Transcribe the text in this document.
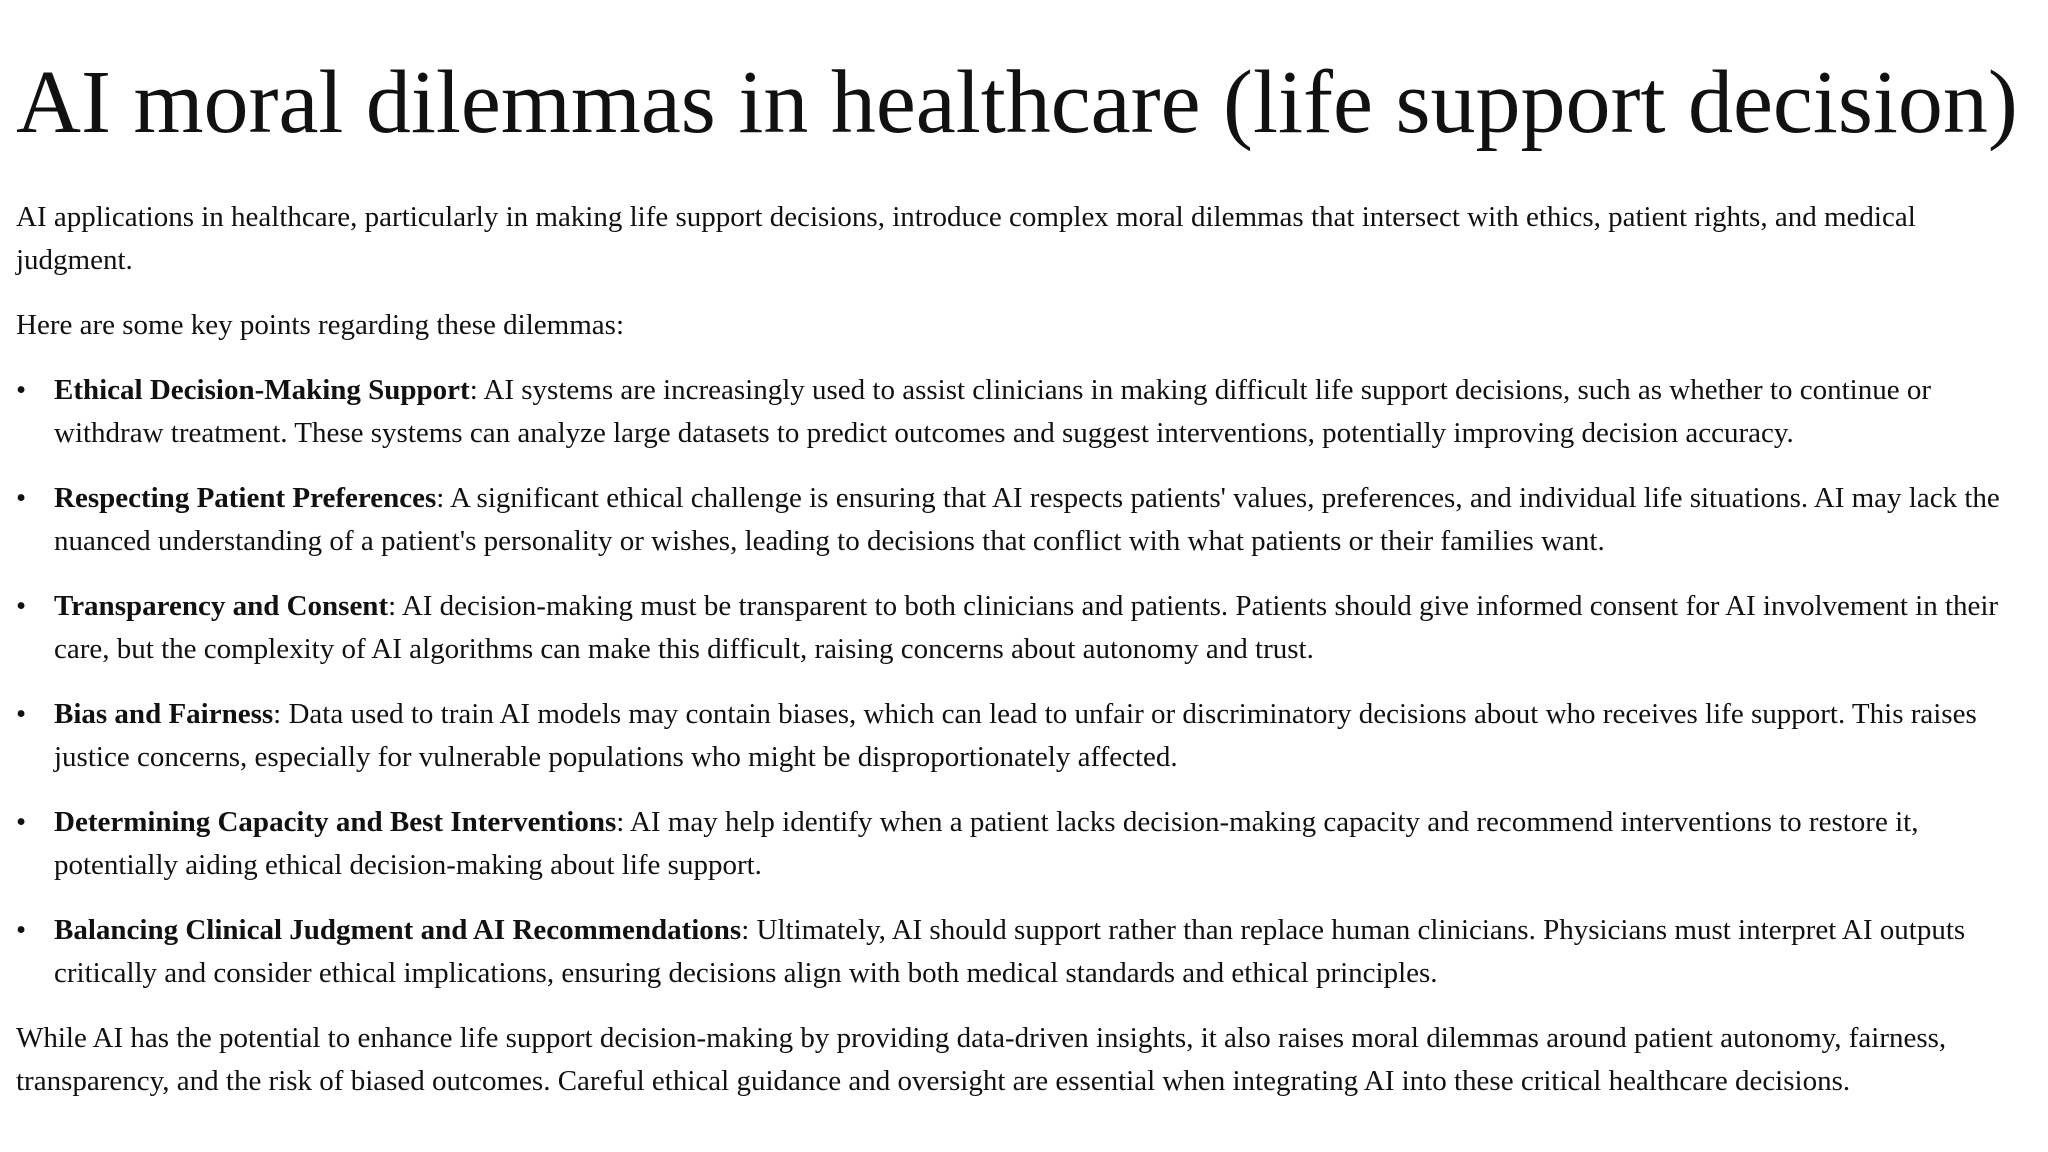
AI moral dilemmas in healthcare (life support decision)

AI applications in healthcare, particularly in making life support decisions, introduce complex moral dilemmas that intersect with ethics, patient rights, and medical judgment.

Here are some key points regarding these dilemmas:

• Ethical Decision-Making Support: AI systems are increasingly used to assist clinicians in making difficult life support decisions, such as whether to continue or withdraw treatment. These systems can analyze large datasets to predict outcomes and suggest interventions, potentially improving decision accuracy.
• Respecting Patient Preferences: A significant ethical challenge is ensuring that AI respects patients' values, preferences, and individual life situations. AI may lack the nuanced understanding of a patient's personality or wishes, leading to decisions that conflict with what patients or their families want.
• Transparency and Consent: AI decision-making must be transparent to both clinicians and patients. Patients should give informed consent for AI involvement in their care, but the complexity of AI algorithms can make this difficult, raising concerns about autonomy and trust.
• Bias and Fairness: Data used to train AI models may contain biases, which can lead to unfair or discriminatory decisions about who receives life support. This raises justice concerns, especially for vulnerable populations who might be disproportionately affected.
• Determining Capacity and Best Interventions: AI may help identify when a patient lacks decision-making capacity and recommend interventions to restore it, potentially aiding ethical decision-making about life support.
• Balancing Clinical Judgment and AI Recommendations: Ultimately, AI should support rather than replace human clinicians. Physicians must interpret AI outputs critically and consider ethical implications, ensuring decisions align with both medical standards and ethical principles.

While AI has the potential to enhance life support decision-making by providing data-driven insights, it also raises moral dilemmas around patient autonomy, fairness, transparency, and the risk of biased outcomes. Careful ethical guidance and oversight are essential when integrating AI into these critical healthcare decisions.
